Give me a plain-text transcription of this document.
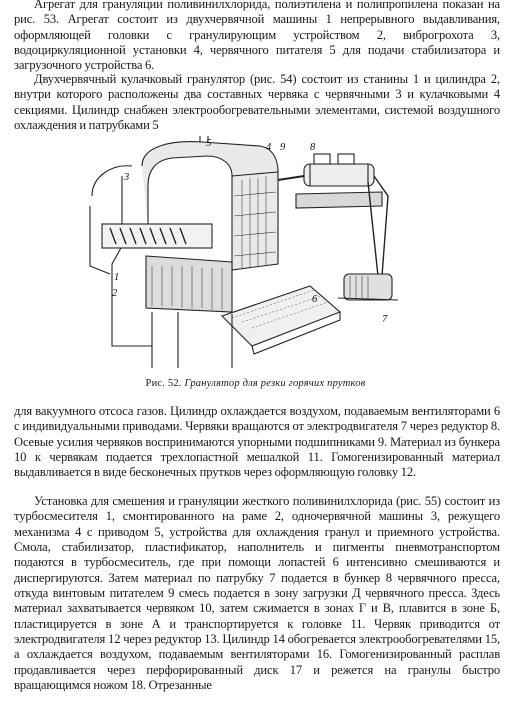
Агрегат для грануляции поливинилхлорида, полиэтилена и полипропилена показан на рис. 53. Агрегат состоит из двухчервячной машины 1 непрерывного выдавливания, оформляющей головки с гранулирующим устройством 2, виброгрохота 3, водоциркуляционной установки 4, червячного питателя 5 для подачи стабилизатора и загрузочного устройства 6.

Двухчервячный кулачковый гранулятор (рис. 54) состоит из станины 1 и цилиндра 2, внутри которого расположены два составных червяка с червячными 3 и кулачковыми 4 секциями. Цилиндр снабжен электрообогревательными элементами, системой воздушного охлаждения и патрубками 5

3
5	4 9 8
1
2
6
7
Рис. 52. Гранулятор для резки горячих прутков

для вакуумного отсоса газов. Цилиндр охлаждается воздухом, подаваемым вентиляторами 6 с индивидуальными приводами. Червяки вращаются от электродвигателя 7 через редуктор 8. Осевые усилия червяков воспринимаются упорными подшипниками 9. Материал из бункера 10 к червякам подается трехлопастной мешалкой 11. Гомогенизированный материал выдавливается в виде бесконечных прутков через оформляющую головку 12.

Установка для смешения и грануляции жесткого поливинилхлорида (рис. 55) состоит из турбосмесителя 1, смонтированного на раме 2, одночервячной машины 3, режущего механизма 4 с приводом 5, устройства для охлаждения гранул и приемного устройства. Смола, стабилизатор, пластификатор, наполнитель и пигменты пневмотранспортом подаются в турбосмеситель, где при помощи лопастей 6 интенсивно смешиваются и диспергируются. Затем материал по патрубку 7 подается в бункер 8 червячного пресса, откуда винтовым питателем 9 смесь подается в зону загрузки Д червячного пресса. Здесь материал захватывается червяком 10, затем сжимается в зонах Г и В, плавится в зоне Б, пластицируется в зоне А и транспортируется к головке 11. Червяк приводится от электродвигателя 12 через редуктор 13. Цилиндр 14 обогревается электрообогревателями 15, а охлаждается воздухом, подаваемым вентиляторами 16. Гомогенизированный расплав продавливается через перфорированный диск 17 и режется на гранулы быстро вращающимся ножом 18. Отрезанные
